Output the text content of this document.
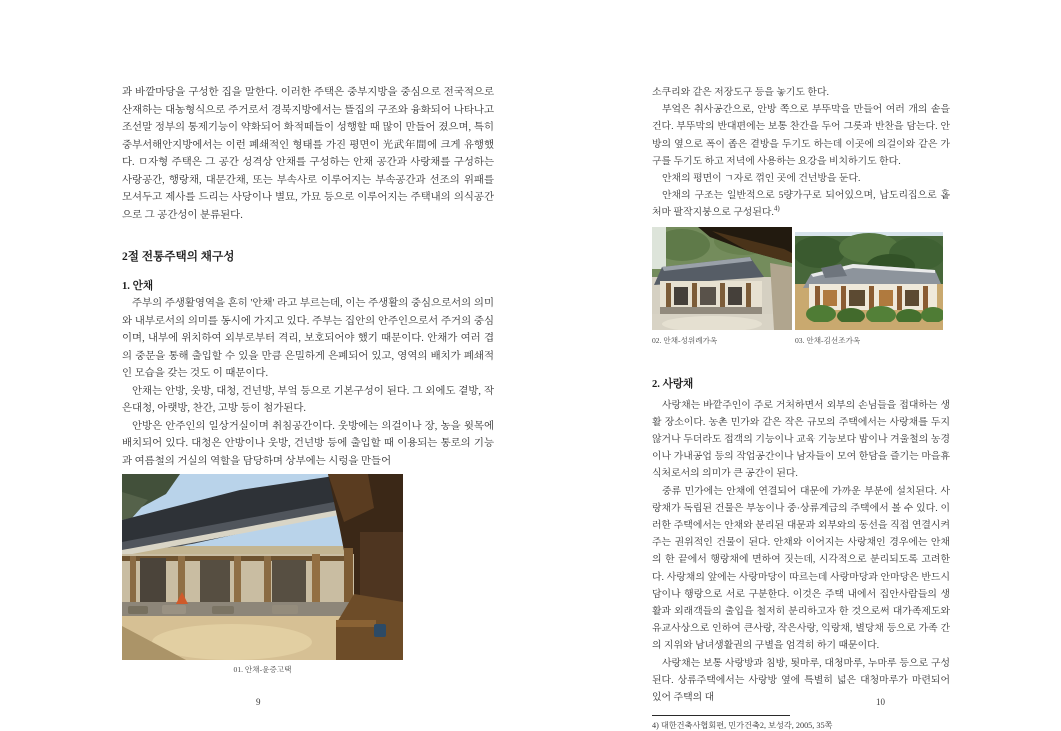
과 바깥마당을 구성한 집을 말한다. 이러한 주택은 중부지방을 중심으로 전국적으로 산재하는 대농형식으로 주거로서 경북지방에서는 뜰집의 구조와 융화되어 나타나고 조선말 정부의 통제기능이 약화되어 화적떼들이 성행할 때 많이 만들어 졌으며, 특히 중부서해안지방에서는 이런 폐쇄적인 형태를 가진 평면이 光武年間에 크게 유행했다. ㅁ자형 주택은 그 공간 성격상 안채를 구성하는 안채 공간과 사랑채를 구성하는 사랑공간, 행랑채, 대문간채, 또는 부속사로 이루어지는 부속공간과 선조의 위패를 모셔두고 제사를 드리는 사당이나 별묘, 가묘 등으로 이루어지는 주택내의 의식공간으로 그 공간성이 분류된다.

2절 전통주택의 채구성
1. 안채

주부의 주생활영역을 흔히 '안채' 라고 부르는데, 이는 주생활의 중심으로서의 의미와 내부로서의 의미를 동시에 가지고 있다. 주부는 집안의 안주인으로서 주거의 중심이며, 내부에 위치하여 외부로부터 격리, 보호되어야 했기 때문이다. 안채가 여러 겹의 중문을 통해 출입할 수 있을 만큼 은밀하게 은폐되어 있고, 영역의 배치가 폐쇄적인 모습을 갖는 것도 이 때문이다.

안채는 안방, 웃방, 대청, 건넌방, 부엌 등으로 기본구성이 된다. 그 외에도 곁방, 작은대청, 아랫방, 찬간, 고방 등이 첨가된다.

안방은 안주인의 일상거실이며 취침공간이다. 웃방에는 의걸이나 장, 농을 윗목에 배치되어 있다. 대청은 안방이나 웃방, 건넌방 등에 출입할 때 이용되는 통로의 기능과 여름철의 거실의 역할을 담당하며 상부에는 시렁을 만들어

01. 안채-윤증고택

소쿠리와 같은 저장도구 등을 놓기도 한다.

부엌은 취사공간으로, 안방 쪽으로 부뚜막을 만들어 여러 개의 솥을 건다. 부뚜막의 반대편에는 보통 찬간을 두어 그릇과 반찬을 담는다. 안방의 옆으로 폭이 좁은 곁방을 두기도 하는데 이곳에 의걸이와 같은 가구를 두기도 하고 저녁에 사용하는 요강을 비치하기도 한다.

안채의 평면이 ㄱ자로 꺾인 곳에 건넌방을 둔다.

안채의 구조는 일반적으로 5량가구로 되어있으며, 납도리집으로 홑처마 팔작지붕으로 구성된다.$^{4)}$

02. 안채-성위례가옥	03. 안채-김선조가옥
2. 사랑채

사랑채는 바깥주인이 주로 거처하면서 외부의 손님들을 접대하는 생활 장소이다. 농촌 민가와 같은 작은 규모의 주택에서는 사랑채를 두지 않거나 두더라도 접객의 기능이나 교육 기능보다 밤이나 겨울철의 농경이나 가내공업 등의 작업공간이나 남자들이 모여 한담을 즐기는 마을휴식처로서의 의미가 큰 공간이 된다.

중류 민가에는 안채에 연결되어 대문에 가까운 부분에 설치된다. 사랑채가 독립된 건물은 부농이나 중·상류계급의 주택에서 볼 수 있다. 이러한 주택에서는 안채와 분리된 대문과 외부와의 동선을 직접 연결시켜주는 권위적인 건물이 된다. 안채와 이어지는 사랑채인 경우에는 안채의 한 끝에서 행랑채에 면하여 짓는데, 시각적으로 분리되도록 고려한다. 사랑채의 앞에는 사랑마당이 따르는데 사랑마당과 안마당은 반드시 담이나 행랑으로 서로 구분한다. 이것은 주택 내에서 집안사람들의 생활과 외래객들의 출입을 철저히 분리하고자 한 것으로써 대가족제도와 유교사상으로 인하여 큰사랑, 작은사랑, 익랑채, 별당채 등으로 가족 간의 지위와 남녀생활권의 구별을 엄격히 하기 때문이다.

사랑채는 보통 사랑방과 침방, 툇마루, 대청마루, 누마루 등으로 구성된다. 상류주택에서는 사랑방 옆에 특별히 넓은 대청마루가 마련되어 있어 주택의 대

4) 대한건축사협회편, 민가건축2, 보성각, 2005, 35쪽
9	10
